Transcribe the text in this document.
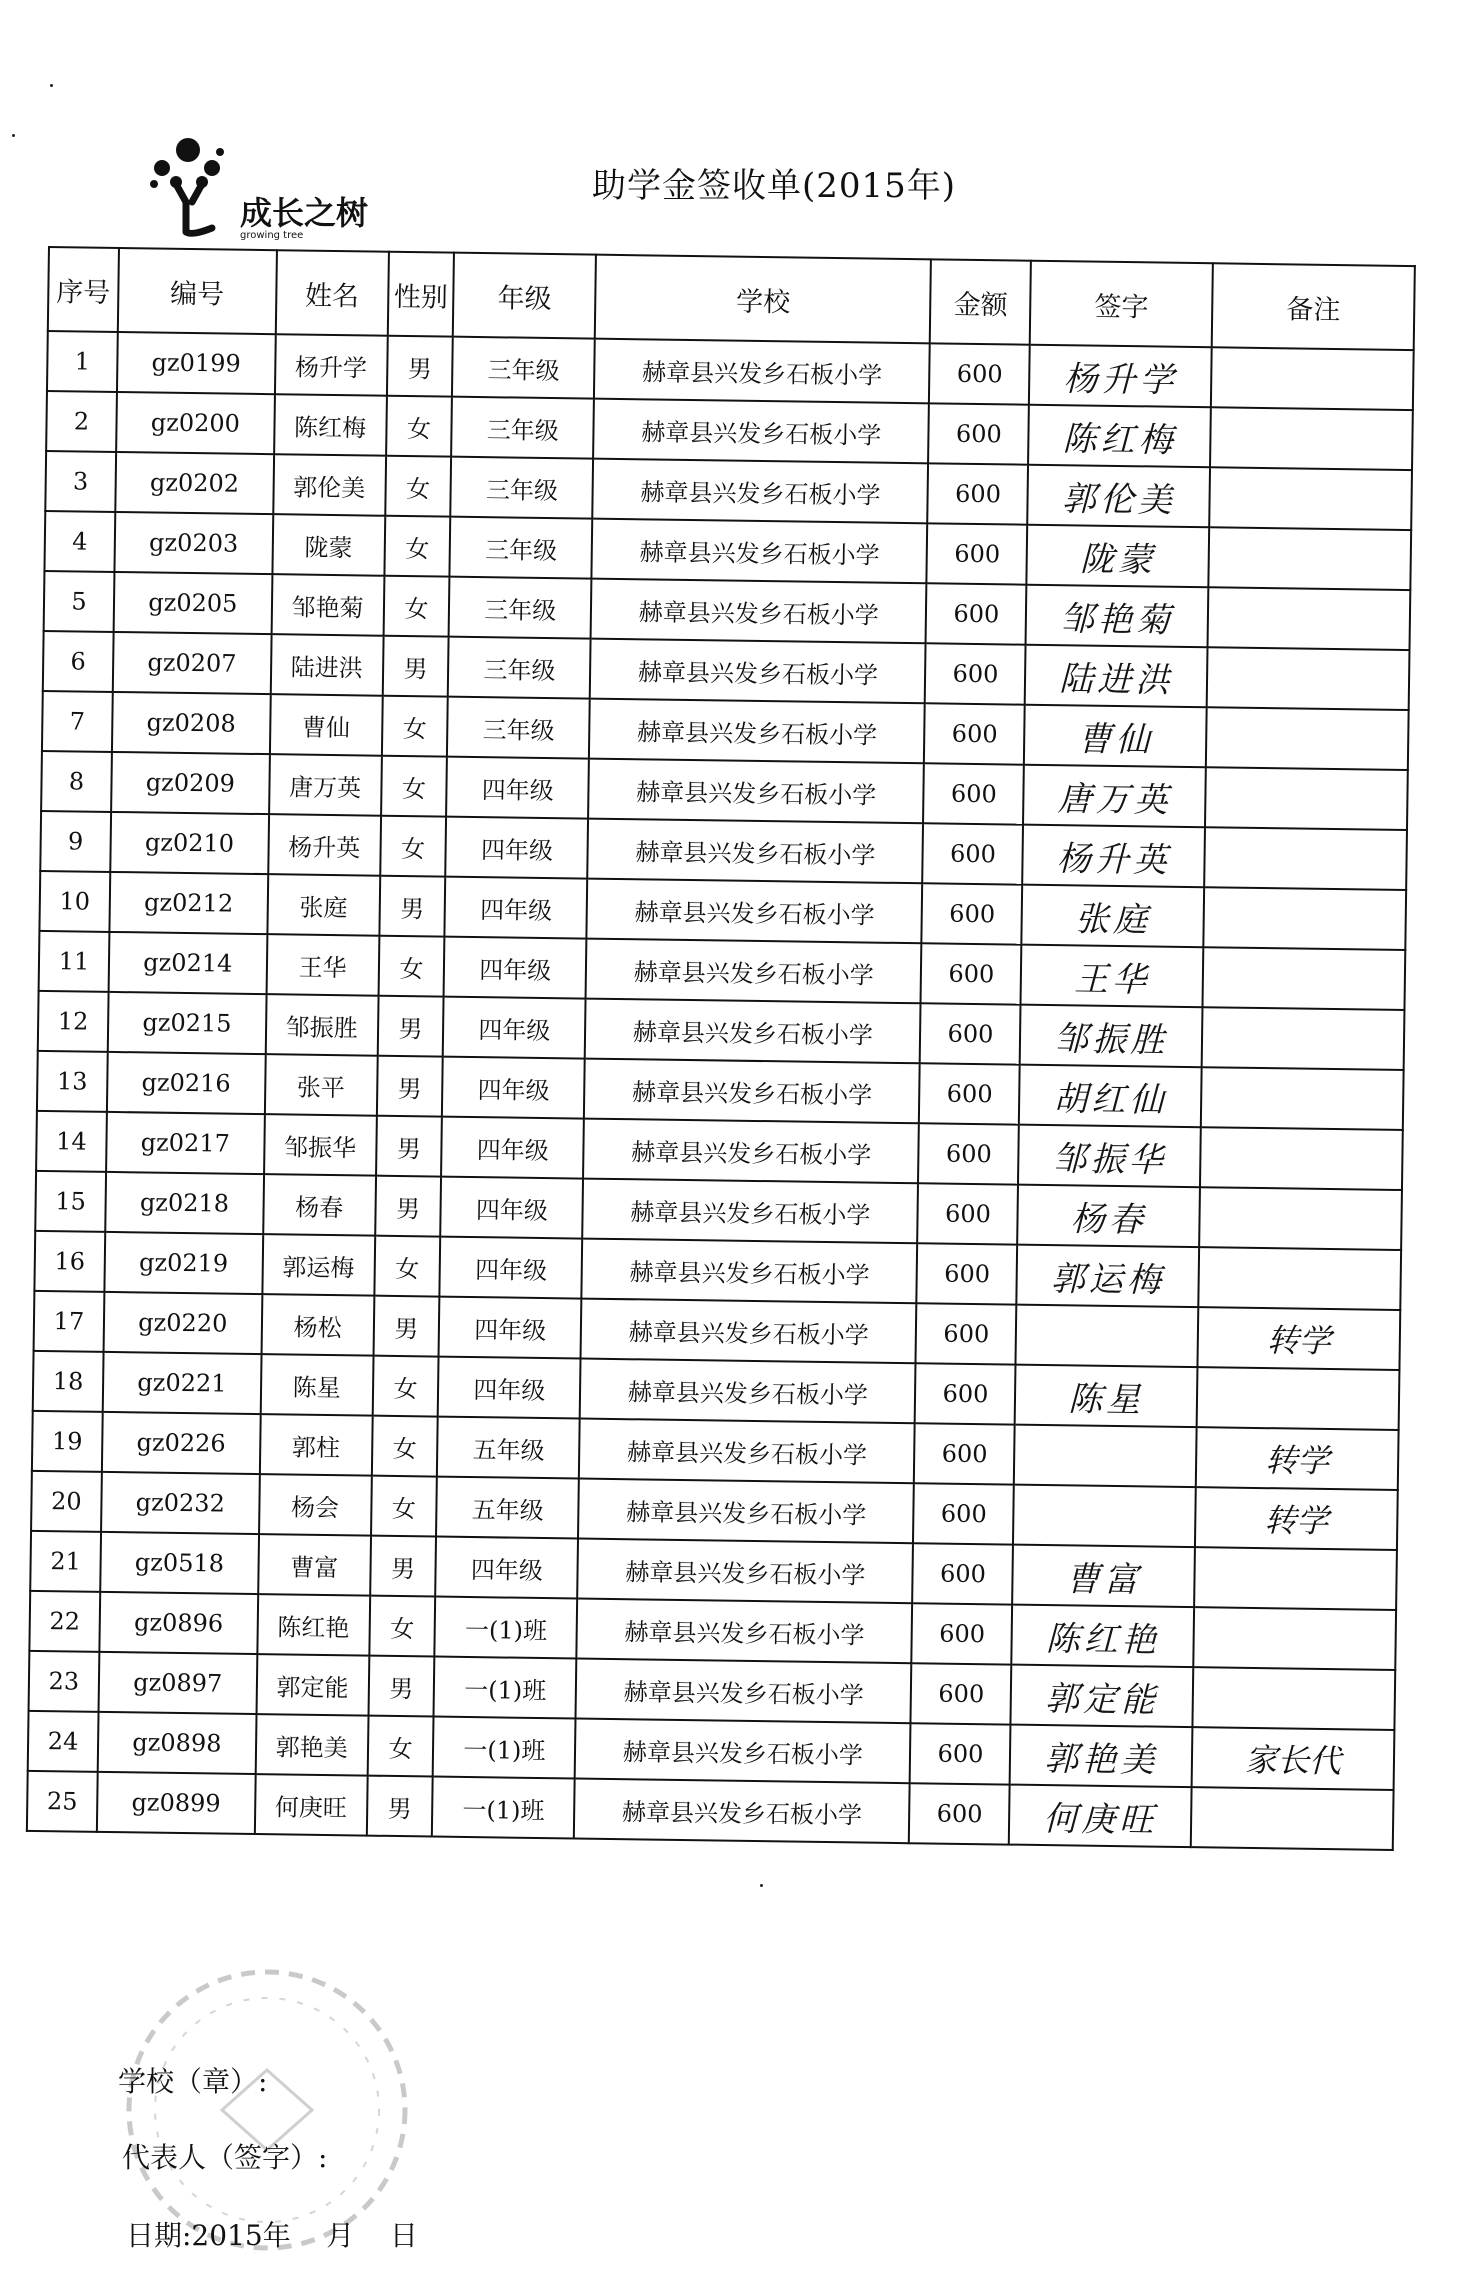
成长之树
growing tree
助学金签收单(2015年)
序号	编号	姓名	性别	年级	学校	金额	签字	备注
1	gz0199	杨升学	男	三年级	赫章县兴发乡石板小学	600	杨升学	
2	gz0200	陈红梅	女	三年级	赫章县兴发乡石板小学	600	陈红梅	
3	gz0202	郭伦美	女	三年级	赫章县兴发乡石板小学	600	郭伦美	
4	gz0203	陇蒙	女	三年级	赫章县兴发乡石板小学	600	陇蒙	
5	gz0205	邹艳菊	女	三年级	赫章县兴发乡石板小学	600	邹艳菊	
6	gz0207	陆进洪	男	三年级	赫章县兴发乡石板小学	600	陆进洪	
7	gz0208	曹仙	女	三年级	赫章县兴发乡石板小学	600	曹仙	
8	gz0209	唐万英	女	四年级	赫章县兴发乡石板小学	600	唐万英	
9	gz0210	杨升英	女	四年级	赫章县兴发乡石板小学	600	杨升英	
10	gz0212	张庭	男	四年级	赫章县兴发乡石板小学	600	张庭	
11	gz0214	王华	女	四年级	赫章县兴发乡石板小学	600	王华	
12	gz0215	邹振胜	男	四年级	赫章县兴发乡石板小学	600	邹振胜	
13	gz0216	张平	男	四年级	赫章县兴发乡石板小学	600	胡红仙	
14	gz0217	邹振华	男	四年级	赫章县兴发乡石板小学	600	邹振华	
15	gz0218	杨春	男	四年级	赫章县兴发乡石板小学	600	杨春	
16	gz0219	郭运梅	女	四年级	赫章县兴发乡石板小学	600	郭运梅	
17	gz0220	杨松	男	四年级	赫章县兴发乡石板小学	600		转学
18	gz0221	陈星	女	四年级	赫章县兴发乡石板小学	600	陈星	
19	gz0226	郭柱	女	五年级	赫章县兴发乡石板小学	600		转学
20	gz0232	杨会	女	五年级	赫章县兴发乡石板小学	600		转学
21	gz0518	曹富	男	四年级	赫章县兴发乡石板小学	600	曹富	
22	gz0896	陈红艳	女	一(1)班	赫章县兴发乡石板小学	600	陈红艳	
23	gz0897	郭定能	男	一(1)班	赫章县兴发乡石板小学	600	郭定能	
24	gz0898	郭艳美	女	一(1)班	赫章县兴发乡石板小学	600	郭艳美	家长代
25	gz0899	何庚旺	男	一(1)班	赫章县兴发乡石板小学	600	何庚旺	
学校（章）:
代表人（签字）:
日期:2015年    月    日
